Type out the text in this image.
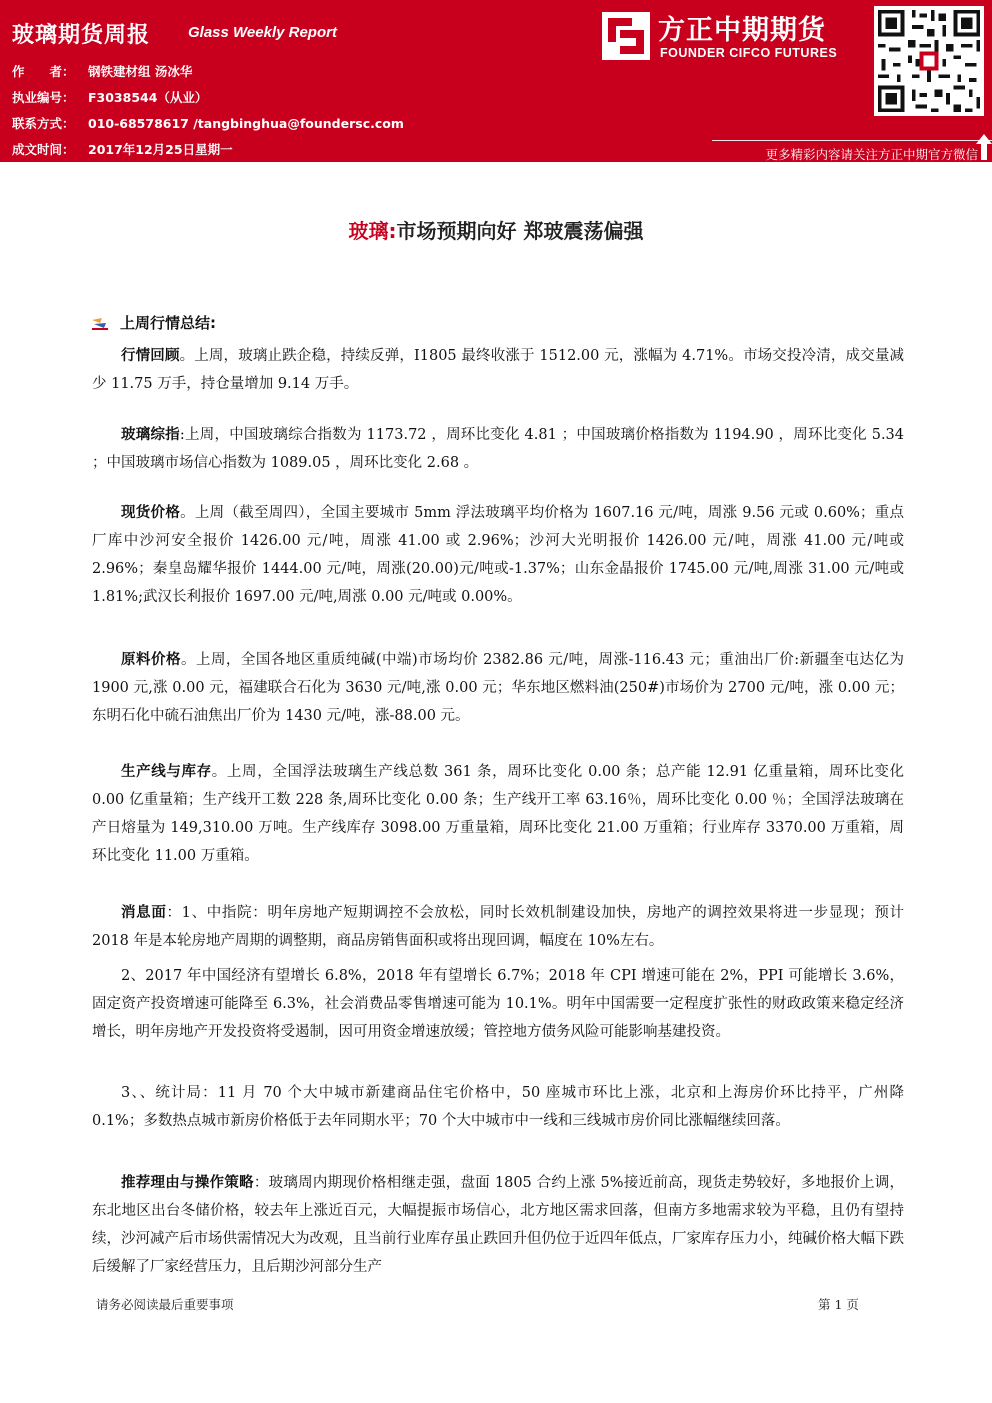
玻璃期货周报	Glass Weekly Report
作　　者： 钢铁建材组 汤冰华
执业编号： F3038544（从业）
联系方式： 010-68578617 /tangbinghua@foundersc.com
成文时间： 2017年12月25日星期一
方正中期期货
FOUNDER CIFCO FUTURES
更多精彩内容请关注方正中期官方微信
玻璃:市场预期向好 郑玻震荡偏强
上周行情总结:
行情回顾。上周，玻璃止跌企稳，持续反弹，I1805 最终收涨于 1512.00 元，涨幅为 4.71%。市场交投冷清，成交量减少 11.75 万手，持仓量增加 9.14 万手。
玻璃综指:上周，中国玻璃综合指数为 1173.72 ，周环比变化 4.81 ；中国玻璃价格指数为 1194.90 ，周环比变化 5.34 ；中国玻璃市场信心指数为 1089.05 ，周环比变化 2.68 。
现货价格。上周（截至周四），全国主要城市 5mm 浮法玻璃平均价格为 1607.16 元/吨，周涨 9.56 元或 0.60%；重点厂库中沙河安全报价 1426.00 元/吨，周涨 41.00 或 2.96%；沙河大光明报价 1426.00 元/吨，周涨 41.00 元/吨或 2.96%；秦皇岛耀华报价 1444.00 元/吨，周涨(20.00)元/吨或-1.37%；山东金晶报价 1745.00 元/吨,周涨 31.00 元/吨或 1.81%;武汉长利报价 1697.00 元/吨,周涨 0.00 元/吨或 0.00%。
原料价格。上周，全国各地区重质纯碱(中端)市场均价 2382.86 元/吨，周涨-116.43 元；重油出厂价:新疆奎屯达亿为 1900 元,涨 0.00 元，福建联合石化为 3630 元/吨,涨 0.00 元；华东地区燃料油(250#)市场价为 2700 元/吨，涨 0.00 元；东明石化中硫石油焦出厂价为 1430 元/吨，涨-88.00 元。
生产线与库存。上周，全国浮法玻璃生产线总数 361 条，周环比变化 0.00 条；总产能 12.91 亿重量箱，周环比变化 0.00 亿重量箱；生产线开工数 228 条,周环比变化 0.00 条；生产线开工率 63.16％，周环比变化 0.00 ％；全国浮法玻璃在产日熔量为 149,310.00 万吨。生产线库存 3098.00 万重量箱，周环比变化 21.00 万重箱；行业库存 3370.00 万重箱，周环比变化 11.00 万重箱。
消息面：1、中指院：明年房地产短期调控不会放松，同时长效机制建设加快，房地产的调控效果将进一步显现；预计 2018 年是本轮房地产周期的调整期，商品房销售面积或将出现回调，幅度在 10%左右。
2、2017 年中国经济有望增长 6.8%，2018 年有望增长 6.7%；2018 年 CPI 增速可能在 2%，PPI 可能增长 3.6%，固定资产投资增速可能降至 6.3%，社会消费品零售增速可能为 10.1%。明年中国需要一定程度扩张性的财政政策来稳定经济增长，明年房地产开发投资将受遏制，因可用资金增速放缓；管控地方债务风险可能影响基建投资。
3、、统计局：11 月 70 个大中城市新建商品住宅价格中，50 座城市环比上涨，北京和上海房价环比持平，广州降 0.1%；多数热点城市新房价格低于去年同期水平；70 个大中城市中一线和三线城市房价同比涨幅继续回落。
推荐理由与操作策略：玻璃周内期现价格相继走强，盘面 1805 合约上涨 5%接近前高，现货走势较好，多地报价上调，东北地区出台冬储价格，较去年上涨近百元，大幅提振市场信心，北方地区需求回落，但南方多地需求较为平稳，且仍有望持续，沙河减产后市场供需情况大为改观，且当前行业库存虽止跌回升但仍位于近四年低点，厂家库存压力小，纯碱价格大幅下跌后缓解了厂家经营压力，且后期沙河部分生产
请务必阅读最后重要事项	第 1 页
